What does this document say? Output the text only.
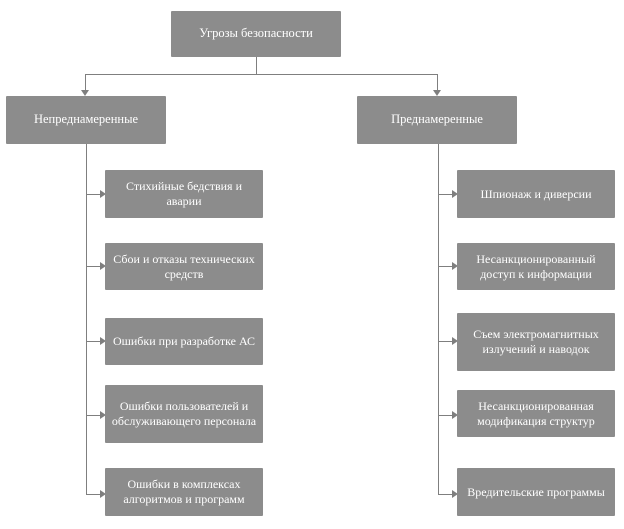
Угрозы безопасности
Непреднамеренные	Преднамеренные
Стихийные бедствия и аварии
Сбои и отказы технических средств
Ошибки при разработке АС
Ошибки пользователей и обслуживающего персонала
Ошибки в комплексах алгоритмов и программ
Шпионаж и диверсии
Несанкционированный доступ к информации
Съем электромагнитных излучений и наводок
Несанкционированная модификация структур
Вредительские программы
